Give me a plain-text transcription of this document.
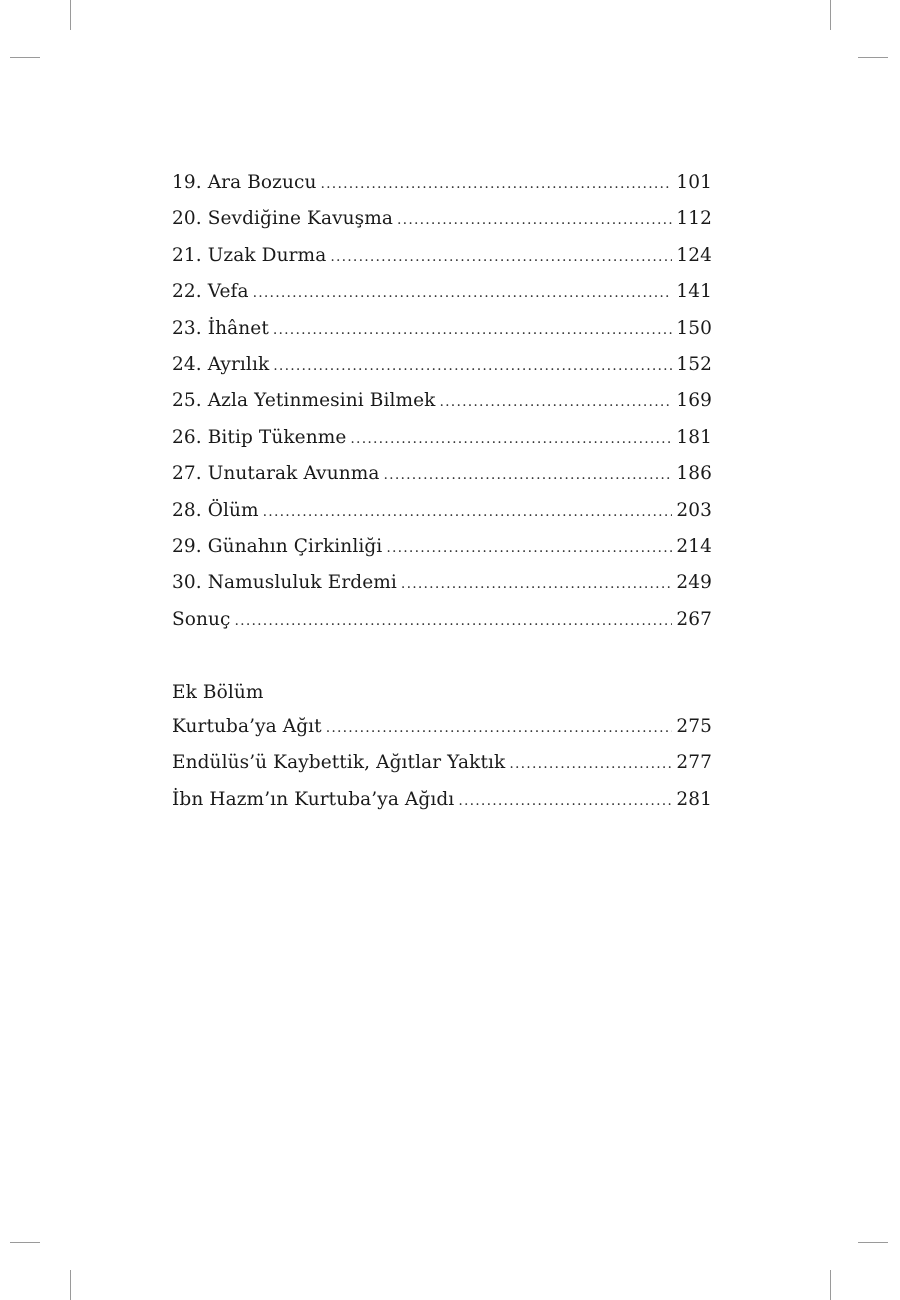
19. Ara Bozucu .....	101
20. Sevdiğine Kavuşma .....	112
21. Uzak Durma .....	124
22. Vefa .....	141
23. İhânet .....	150
24. Ayrılık .....	152
25. Azla Yetinmesini Bilmek .....	169
26. Bitip Tükenme .....	181
27. Unutarak Avunma .....	186
28. Ölüm .....	203
29. Günahın Çirkinliği .....	214
30. Namusluluk Erdemi .....	249
Sonuç .....	267
Ek Bölüm
Kurtuba’ya Ağıt .....	275
Endülüs’ü Kaybettik, Ağıtlar Yaktık .....	277
İbn Hazm’ın Kurtuba’ya Ağıdı .....	281
